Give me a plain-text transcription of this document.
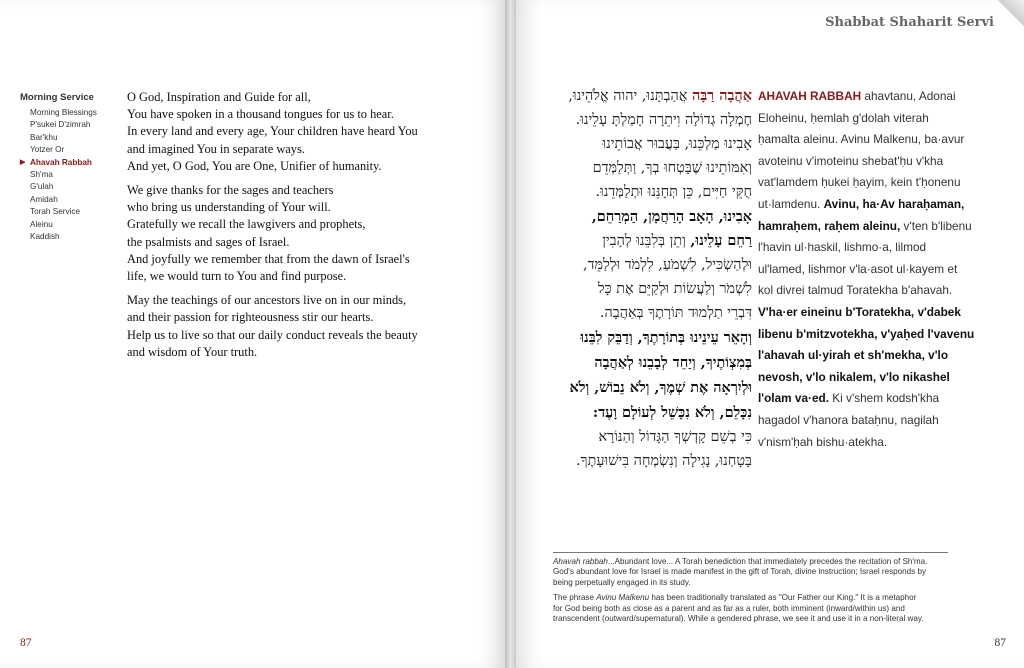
Morning Service
Morning Blessings
P'sukei D'zimrah
Bar'khu
Yotzer Or
▶ Ahavah Rabbah
Sh'ma
G'ulah
Amidah
Torah Service
Aleinu
Kaddish
O God, Inspiration and Guide for all,
You have spoken in a thousand tongues for us to hear.
In every land and every age, Your children have heard You
and imagined You in separate ways.
And yet, O God, You are One, Unifier of humanity.
We give thanks for the sages and teachers
who bring us understanding of Your will.
Gratefully we recall the lawgivers and prophets,
the psalmists and sages of Israel.
And joyfully we remember that from the dawn of Israel's
life, we would turn to You and find purpose.
May the teachings of our ancestors live on in our minds,
and their passion for righteousness stir our hearts.
Help us to live so that our daily conduct reveals the beauty
and wisdom of Your truth.
87
Shabbat Shaharit Servi
אַהֲבָה רַבָּה אֲהַבְתָּנוּ, יהוה אֱלֹהֵינוּ,
חֶמְלָה גְדוֹלָה וִיתֵרָה חָמַלְתָּ עָלֵינוּ.
אָבִינוּ מַלְכֵּנוּ, בַּעֲבוּר אֲבוֹתֵינוּ
וְאִמּוֹתֵינוּ שֶׁבָּטְחוּ בְךָ, וַתְּלַמְּדֵם
חֻקֵּי חַיִּים, כֵּן תְּחָנֵּנוּ וּתְלַמְּדֵנוּ.
אָבִינוּ, הָאָב הָרַחֲמָן, הַמְרַחֵם,
רַחֵם עָלֵינוּ, וְתֵן בְּלִבֵּנוּ לְהָבִין
וּלְהַשְׂכִּיל, לִשְׁמֹעַ, לִלְמֹד וּלְלַמֵּד,
לִשְׁמֹר וְלַעֲשׂוֹת וּלְקַיֵּם אֶת כָּל
דִּבְרֵי תַלְמוּד תּוֹרָתֶךָ בְּאַהֲבָה.
וְהָאֵר עֵינֵינוּ בְּתוֹרָתֶךָ, וְדַבֵּק לִבֵּנוּ
בְּמִצְוֹתֶיךָ, וְיַחֵד לְבָבֵנוּ לְאַהֲבָה
וּלְיִרְאָה אֶת שְׁמֶךָ, וְלֹא נֵבוֹשׁ, וְלֹא
נִכָּלֵם, וְלֹא נִכָּשֵׁל לְעוֹלָם וָעֶד:
כִּי בְשֵׁם קָדְשְׁךָ הַגָּדוֹל וְהַנּוֹרָא
בָּטָחְנוּ, נָגִילָה וְנִשְׂמְחָה בִּישׁוּעָתֶךָ.
AHAVAH RABBAH ahavtanu, Adonai
Eloheinu, ḥemlah g'dolah viterah
ḥamalta aleinu. Avinu Malkenu, ba·avur
avoteinu v'imoteinu shebat'ḥu v'kha
vat'lamdem ḥukei ḥayim, kein t'ḥonenu
ut·lamdenu. Avinu, ha·Av haraḥaman,
hamraḥem, raḥem aleinu, v'ten b'libenu
l'havin ul·haskil, lishmo·a, lilmod
ul'lamed, lishmor v'la·asot ul·kayem et
kol divrei talmud Toratekha b'ahavah.
V'ha·er eineinu b'Toratekha, v'dabek
libenu b'mitzvotekha, v'yaḥed l'vavenu
l'ahavah ul·yirah et sh'mekha, v'lo
nevosh, v'lo nikalem, v'lo nikashel
l'olam va·ed. Ki v'shem kodsh'kha
hagadol v'hanora bataḥnu, nagilah
v'nism'ḥah bishu·atekha.

Ahavah rabbah...Abundant love... A Torah benediction that immediately precedes the recitation of Sh'ma.
God's abundant love for Israel is made manifest in the gift of Torah, divine instruction; Israel responds by
being perpetually engaged in its study.

The phrase Avinu Malkenu has been traditionally translated as "Our Father our King." It is a metaphor
for God being both as close as a parent and as far as a ruler, both imminent (inward/within us) and
transcendent (outward/supernatural). While a gendered phrase, we see it and use it in a non-literal way.

87
